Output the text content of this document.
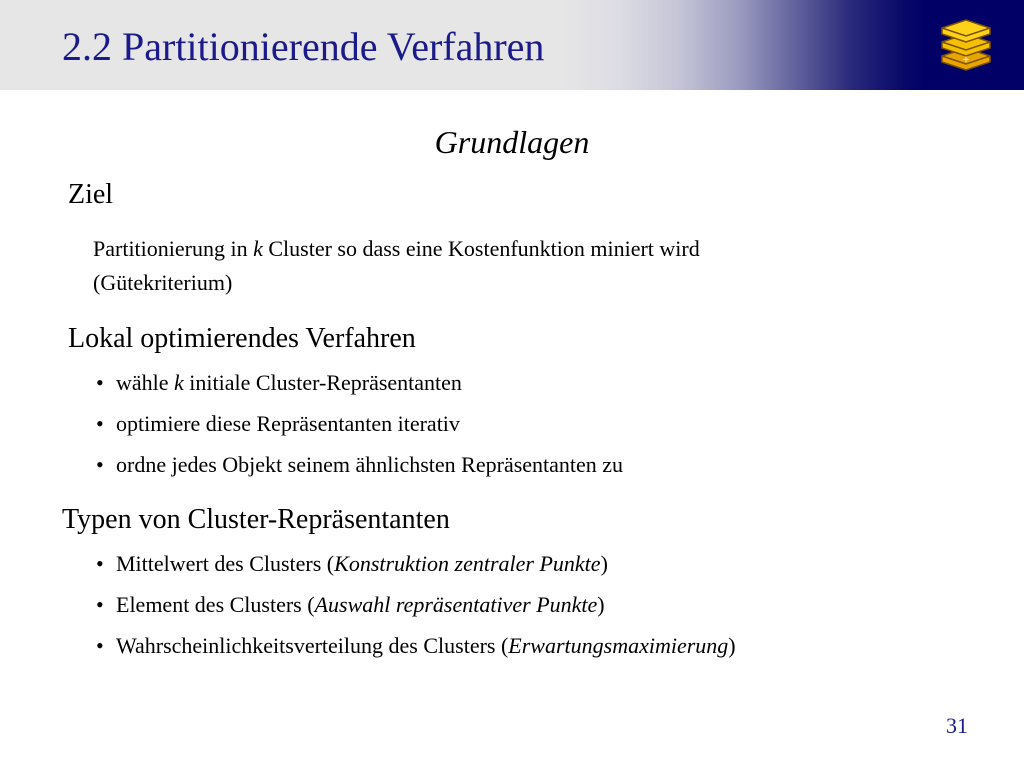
2.2 Partitionierende Verfahren	+
Grundlagen
Ziel
Partitionierung in k Cluster so dass eine Kostenfunktion miniert wird
(Gütekriterium)
Lokal optimierendes Verfahren
• wähle k initiale Cluster-Repräsentanten
• optimiere diese Repräsentanten iterativ
• ordne jedes Objekt seinem ähnlichsten Repräsentanten zu
Typen von Cluster-Repräsentanten
• Mittelwert des Clusters (Konstruktion zentraler Punkte)
• Element des Clusters (Auswahl repräsentativer Punkte)
• Wahrscheinlichkeitsverteilung des Clusters (Erwartungsmaximierung)
31
